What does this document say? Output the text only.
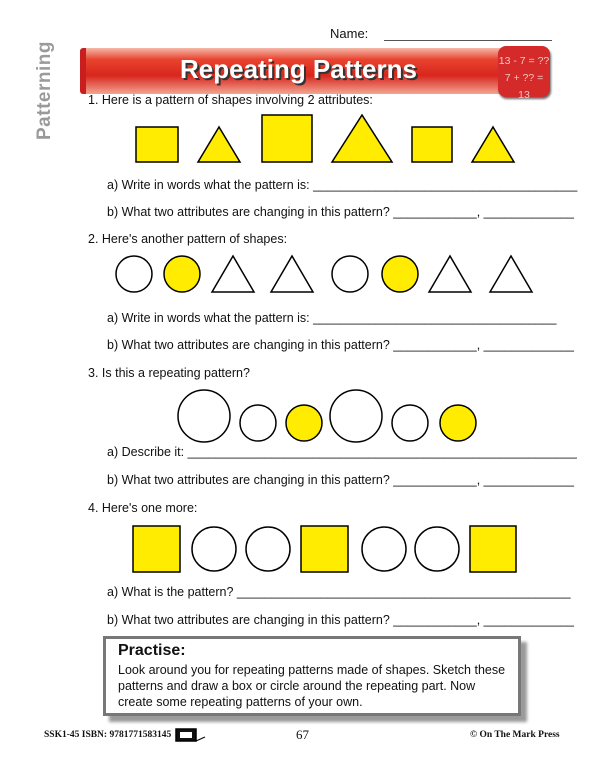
Name:
Patterning	Repeating Patterns	13 - 7 = ??
7 + ?? = 13
1. Here is a pattern of shapes involving 2 attributes:
a) Write in words what the pattern is: ______________________________________
b) What two attributes are changing in this pattern? ____________, _____________
2. Here's another pattern of shapes:
a) Write in words what the pattern is: ___________________________________
b) What two attributes are changing in this pattern? ____________, _____________
3. Is this a repeating pattern?
a) Describe it: ________________________________________________________
b) What two attributes are changing in this pattern? ____________, _____________
4. Here's one more:
a) What is the pattern? ________________________________________________
b) What two attributes are changing in this pattern? ____________, _____________
Practise:

Look around you for repeating patterns made of shapes. Sketch these patterns and draw a box or circle around the repeating part. Now create some repeating patterns of your own.

SSK1-45 ISBN: 9781771583145	67	© On The Mark Press
